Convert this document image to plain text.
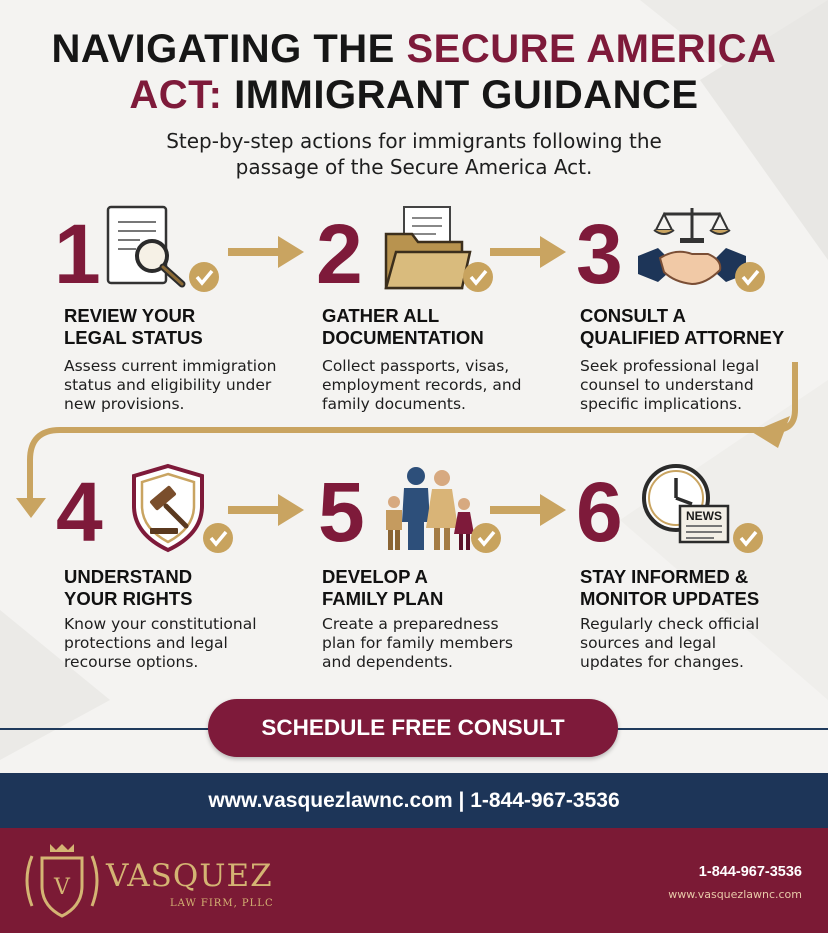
NAVIGATING THE SECURE AMERICA
ACT: IMMIGRANT GUIDANCE
Step-by-step actions for immigrants following the
passage of the Secure America Act.
1
REVIEW YOUR
LEGAL STATUS
Assess current immigration
status and eligibility under
new provisions.
2
GATHER ALL
DOCUMENTATION
Collect passports, visas,
employment records, and
family documents.
3
CONSULT A
QUALIFIED ATTORNEY
Seek professional legal
counsel to understand
specific implications.
4
UNDERSTAND
YOUR RIGHTS
Know your constitutional
protections and legal
recourse options.
5
DEVELOP A
FAMILY PLAN
Create a preparedness
plan for family members
and dependents.
6	NEWS
STAY INFORMED &
MONITOR UPDATES
Regularly check official
sources and legal
updates for changes.
SCHEDULE FREE CONSULT
www.vasquezlawnc.com | 1-844-967-3536
V VASQUEZ
LAW FIRM, PLLC
1-844-967-3536
www.vasquezlawnc.com
